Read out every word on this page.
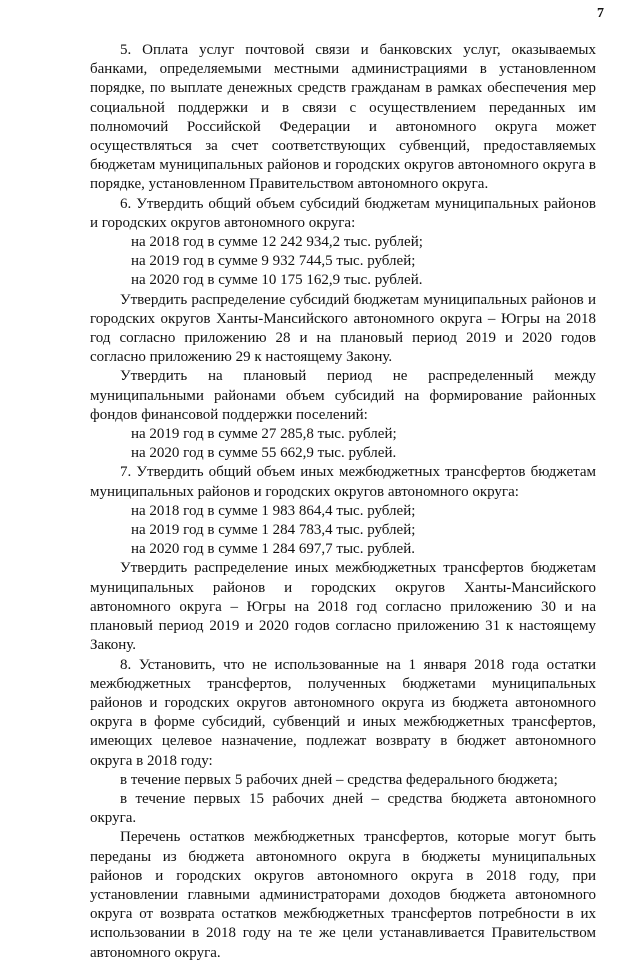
7

5. Оплата услуг почтовой связи и банковских услуг, оказываемых банками, определяемыми местными администрациями в установленном порядке, по выплате денежных средств гражданам в рамках обеспечения мер социальной поддержки и в связи с осуществлением переданных им полномочий Российской Федерации и автономного округа может осуществляться за счет соответствующих субвенций, предоставляемых бюджетам муниципальных районов и городских округов автономного округа в порядке, установленном Правительством автономного округа.

6. Утвердить общий объем субсидий бюджетам муниципальных районов и городских округов автономного округа:

на 2018 год в сумме 12 242 934,2 тыс. рублей;

на 2019 год в сумме 9 932 744,5 тыс. рублей;

на 2020 год в сумме 10 175 162,9 тыс. рублей.

Утвердить распределение субсидий бюджетам муниципальных районов и городских округов Ханты-Мансийского автономного округа – Югры на 2018 год согласно приложению 28 и на плановый период 2019 и 2020 годов согласно приложению 29 к настоящему Закону.

Утвердить на плановый период не распределенный между муниципальными районами объем субсидий на формирование районных фондов финансовой поддержки поселений:

на 2019 год в сумме 27 285,8 тыс. рублей;

на 2020 год в сумме 55 662,9 тыс. рублей.

7. Утвердить общий объем иных межбюджетных трансфертов бюджетам муниципальных районов и городских округов автономного округа:

на 2018 год в сумме 1 983 864,4 тыс. рублей;

на 2019 год в сумме 1 284 783,4 тыс. рублей;

на 2020 год в сумме 1 284 697,7 тыс. рублей.

Утвердить распределение иных межбюджетных трансфертов бюджетам муниципальных районов и городских округов Ханты-Мансийского автономного округа – Югры на 2018 год согласно приложению 30 и на плановый период 2019 и 2020 годов согласно приложению 31 к настоящему Закону.

8. Установить, что не использованные на 1 января 2018 года остатки межбюджетных трансфертов, полученных бюджетами муниципальных районов и городских округов автономного округа из бюджета автономного округа в форме субсидий, субвенций и иных межбюджетных трансфертов, имеющих целевое назначение, подлежат возврату в бюджет автономного округа в 2018 году:

в течение первых 5 рабочих дней – средства федерального бюджета;

в течение первых 15 рабочих дней – средства бюджета автономного округа.

Перечень остатков межбюджетных трансфертов, которые могут быть переданы из бюджета автономного округа в бюджеты муниципальных районов и городских округов автономного округа в 2018 году, при установлении главными администраторами доходов бюджета автономного округа от возврата остатков межбюджетных трансфертов потребности в их использовании в 2018 году на те же цели устанавливается Правительством автономного округа.
